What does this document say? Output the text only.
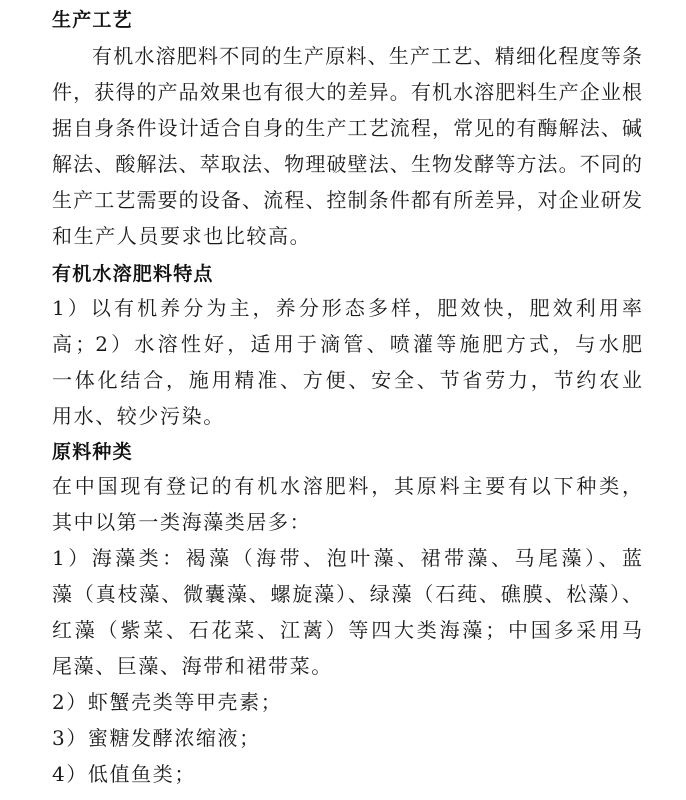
生产工艺
有机水溶肥料不同的生产原料、生产工艺、精细化程度等条
件，获得的产品效果也有很大的差异。有机水溶肥料生产企业根
据自身条件设计适合自身的生产工艺流程，常见的有酶解法、碱
解法、酸解法、萃取法、物理破壁法、生物发酵等方法。不同的
生产工艺需要的设备、流程、控制条件都有所差异，对企业研发
和生产人员要求也比较高。
有机水溶肥料特点
1）以有机养分为主，养分形态多样，肥效快，肥效利用率
高；2）水溶性好，适用于滴管、喷灌等施肥方式，与水肥
一体化结合，施用精准、方便、安全、节省劳力，节约农业
用水、较少污染。
原料种类
在中国现有登记的有机水溶肥料，其原料主要有以下种类，
其中以第一类海藻类居多：
1）海藻类：褐藻（海带、泡叶藻、裙带藻、马尾藻）、蓝
藻（真枝藻、微囊藻、螺旋藻）、绿藻（石莼、礁膜、松藻）、
红藻（紫菜、石花菜、江蓠）等四大类海藻；中国多采用马
尾藻、巨藻、海带和裙带菜。
2）虾蟹壳类等甲壳素；
3）蜜糖发酵浓缩液；
4）低值鱼类；
